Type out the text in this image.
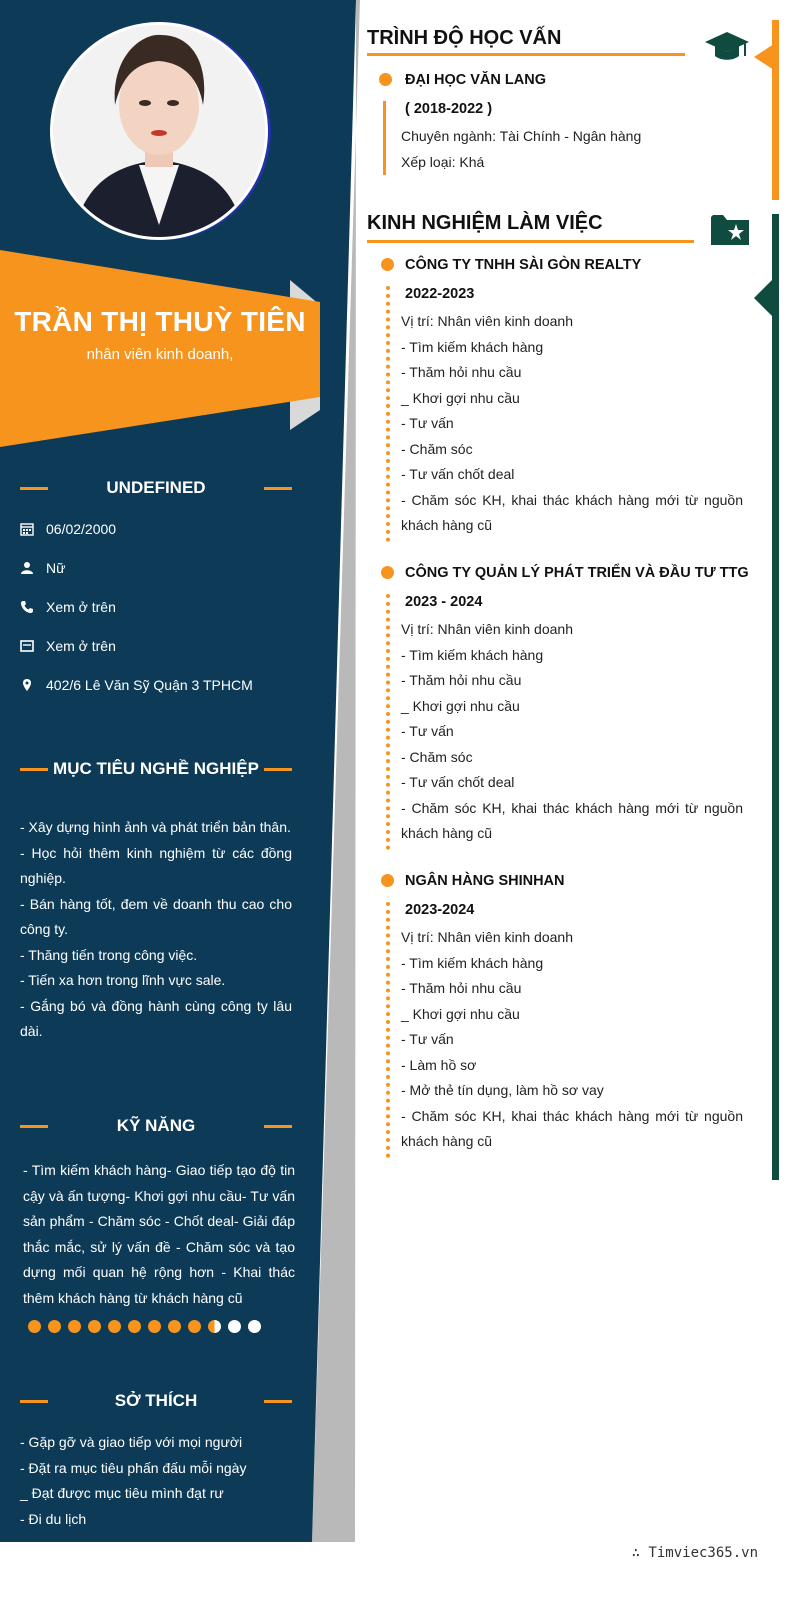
TRẦN THỊ THUỲ TIÊN
nhân viên kinh doanh,
UNDEFINED
06/02/2000
Nữ
Xem ở trên
Xem ở trên
402/6 Lê Văn Sỹ Quận 3 TPHCM
MỤC TIÊU NGHỀ NGHIỆP

- Xây dựng hình ảnh và phát triển bản thân.

- Học hỏi thêm kinh nghiệm từ các đồng nghiệp.

- Bán hàng tốt, đem về doanh thu cao cho công ty.

- Thăng tiến trong công việc.

- Tiến xa hơn trong lĩnh vực sale.

- Gắng bó và đồng hành cùng công ty lâu dài.

KỸ NĂNG

- Tìm kiếm khách hàng- Giao tiếp tạo độ tin cậy và ấn tượng- Khơi gợi nhu cầu- Tư vấn sản phẩm - Chăm sóc - Chốt deal- Giải đáp thắc mắc, sử lý vấn đề - Chăm sóc và tạo dựng mối quan hệ rộng hơn - Khai thác thêm khách hàng từ khách hàng cũ

SỞ THÍCH

- Gặp gỡ và giao tiếp với mọi người

- Đặt ra mục tiêu phấn đấu mỗi ngày

_ Đạt được mục tiêu mình đạt rư

- Đi du lịch

TRÌNH ĐỘ HỌC VẤN
ĐẠI HỌC VĂN LANG
( 2018-2022 )

Chuyên ngành: Tài Chính - Ngân hàng

Xếp loại: Khá

KINH NGHIỆM LÀM VIỆC
CÔNG TY TNHH SÀI GÒN REALTY
2022-2023

Vị trí: Nhân viên kinh doanh

- Tìm kiếm khách hàng

- Thăm hỏi nhu cầu

_ Khơi gợi nhu cầu

- Tư vấn

- Chăm sóc

- Tư vấn chốt deal

- Chăm sóc KH, khai thác khách hàng mới từ nguồn khách hàng cũ

CÔNG TY QUẢN LÝ PHÁT TRIỂN VÀ ĐẦU TƯ TTG
2023 - 2024

Vị trí: Nhân viên kinh doanh

- Tìm kiếm khách hàng

- Thăm hỏi nhu cầu

_ Khơi gợi nhu cầu

- Tư vấn

- Chăm sóc

- Tư vấn chốt deal

- Chăm sóc KH, khai thác khách hàng mới từ nguồn khách hàng cũ

NGÂN HÀNG SHINHAN
2023-2024

Vị trí: Nhân viên kinh doanh

- Tìm kiếm khách hàng

- Thăm hỏi nhu cầu

_ Khơi gợi nhu cầu

- Tư vấn

- Làm hồ sơ

- Mở thẻ tín dụng, làm hồ sơ vay

- Chăm sóc KH, khai thác khách hàng mới từ nguồn khách hàng cũ

∴ Timviec365.vn
